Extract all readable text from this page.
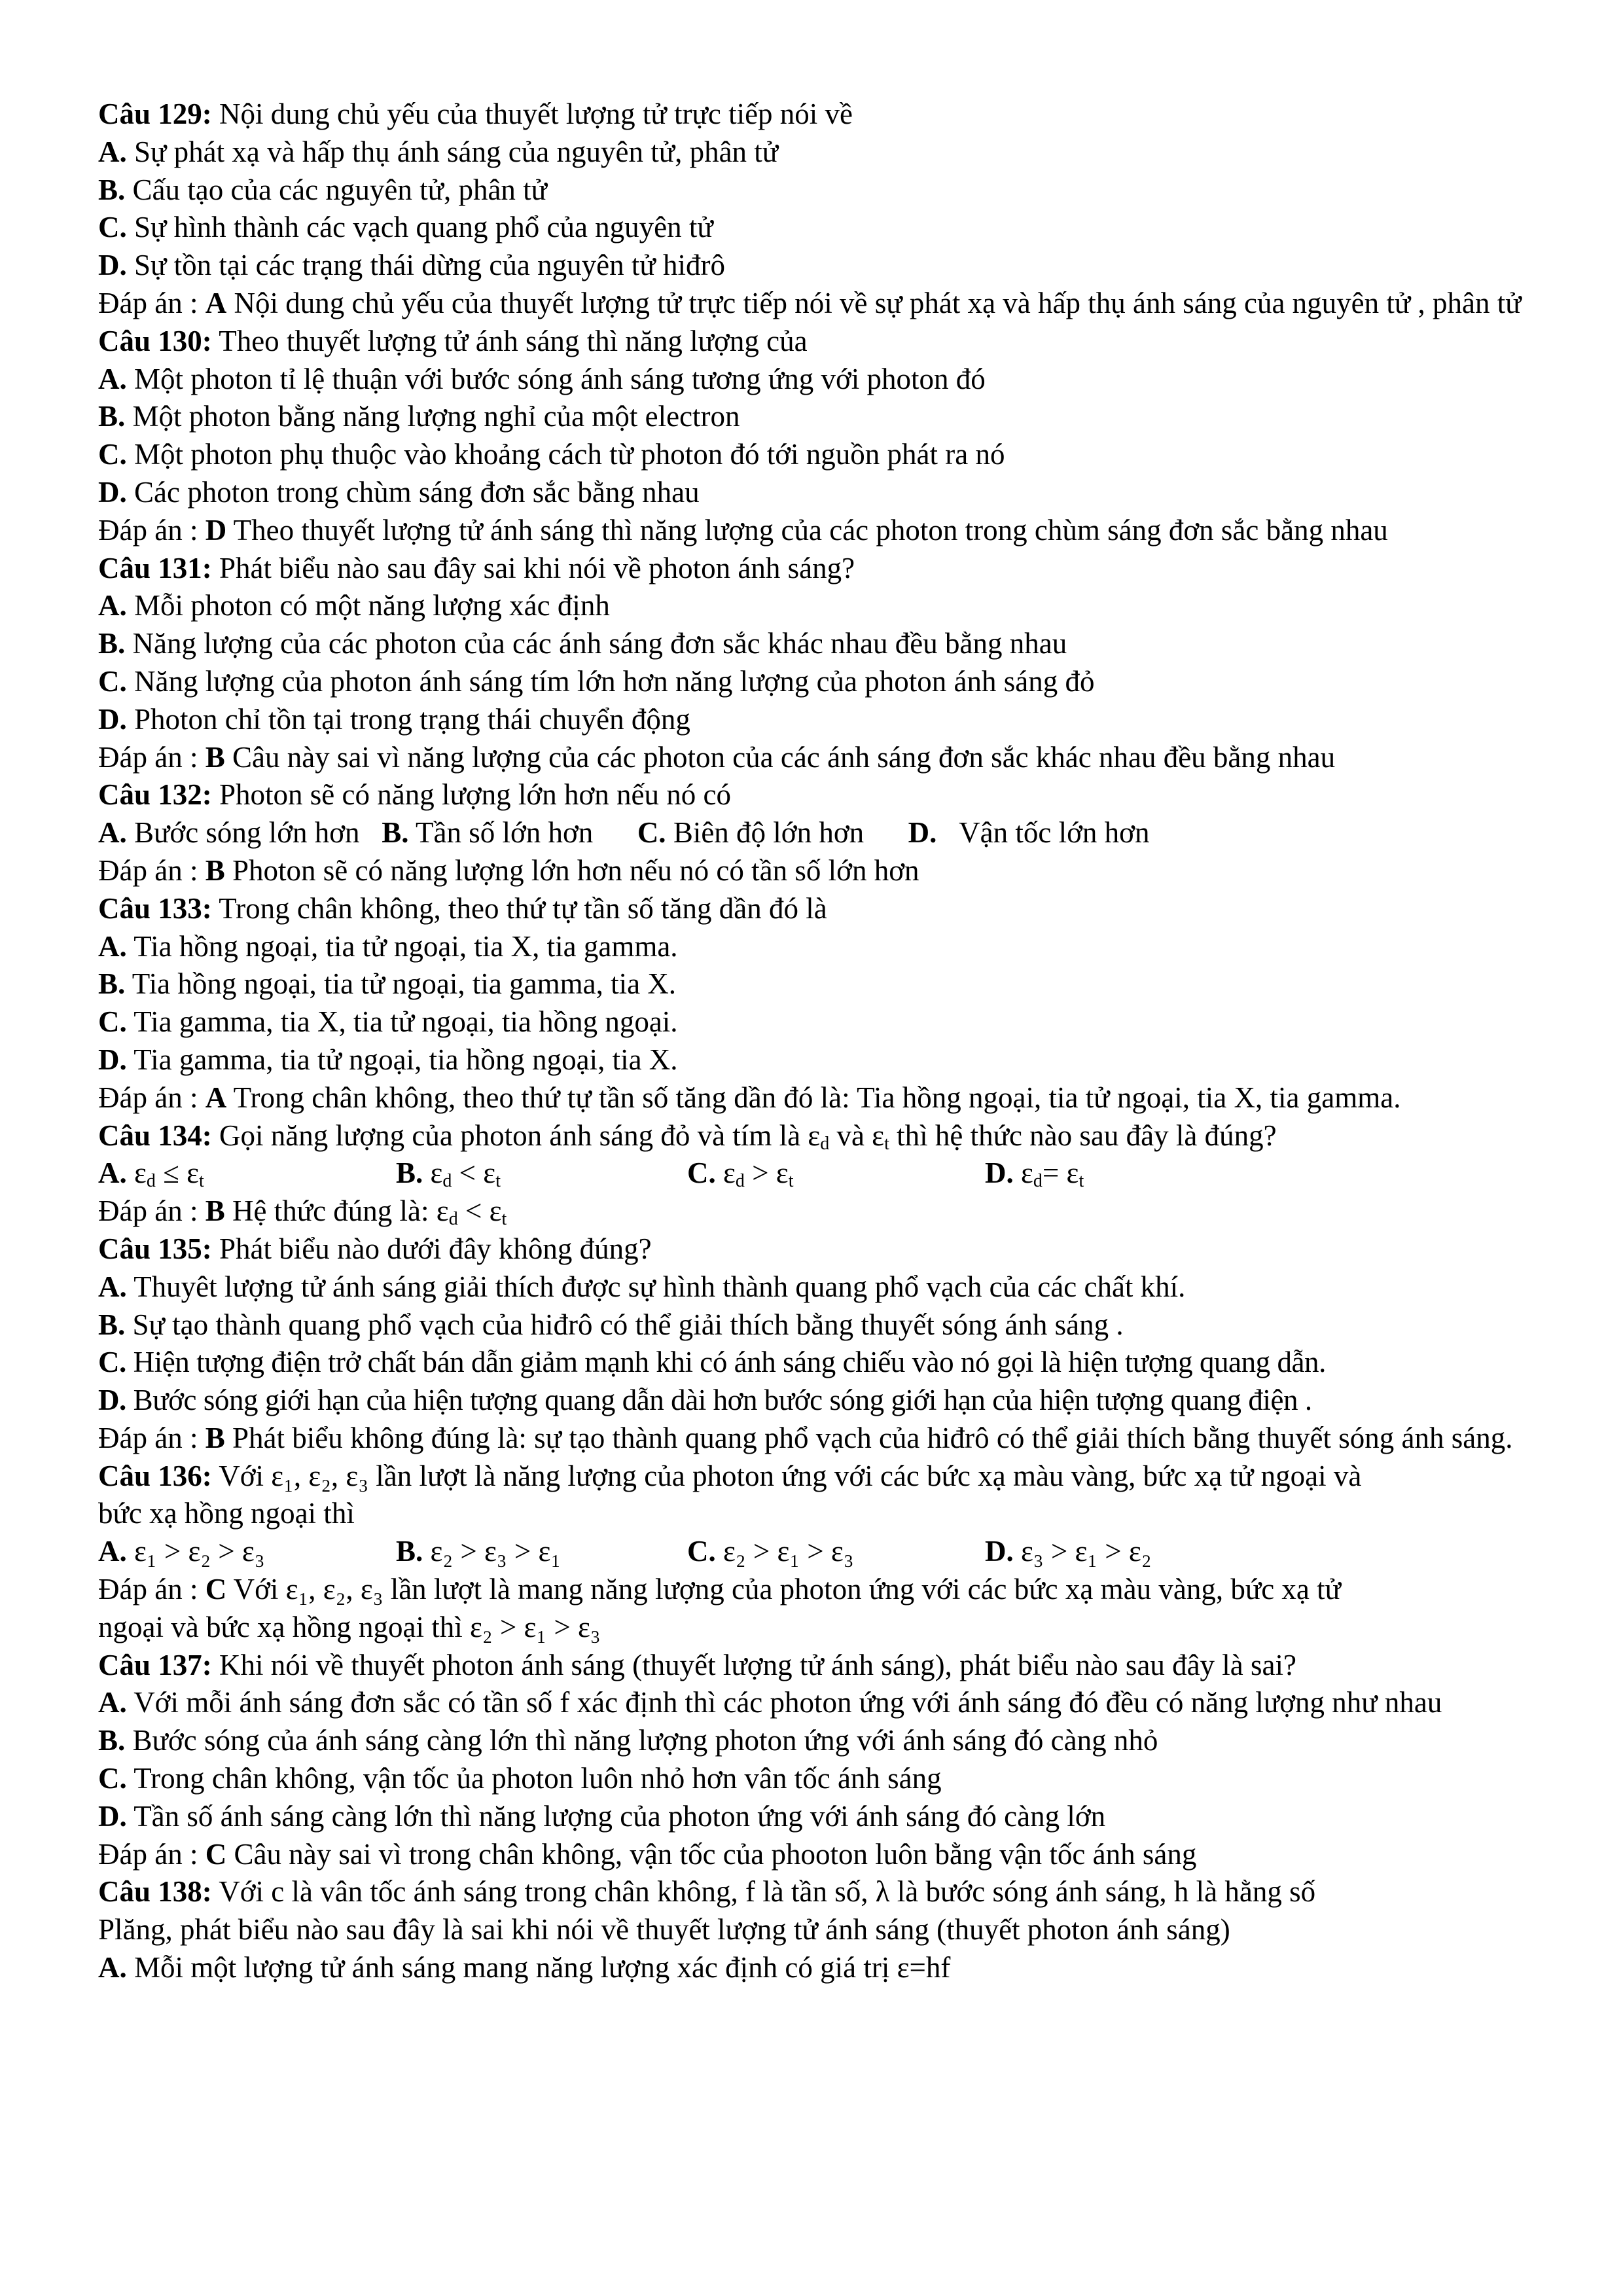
Câu 129: Nội dung chủ yếu của thuyết lượng tử trực tiếp nói về
A. Sự phát xạ và hấp thụ ánh sáng của nguyên tử, phân tử
B. Cấu tạo của các nguyên tử, phân tử
C. Sự hình thành các vạch quang phổ của nguyên tử
D. Sự tồn tại các trạng thái dừng của nguyên tử hiđrô
Đáp án : A Nội dung chủ yếu của thuyết lượng tử trực tiếp nói về sự phát xạ và hấp thụ ánh sáng của nguyên tử , phân tử
Câu 130: Theo thuyết lượng tử ánh sáng thì năng lượng của
A. Một photon tỉ lệ thuận với bước sóng ánh sáng tương ứng với photon đó
B. Một photon bằng năng lượng nghỉ của một electron
C. Một photon phụ thuộc vào khoảng cách từ photon đó tới nguồn phát ra nó
D. Các photon trong chùm sáng đơn sắc bằng nhau
Đáp án : D Theo thuyết lượng tử ánh sáng thì năng lượng của các photon trong chùm sáng đơn sắc bằng nhau
Câu 131: Phát biểu nào sau đây sai khi nói về photon ánh sáng?
A. Mỗi photon có một năng lượng xác định
B. Năng lượng của các photon của các ánh sáng đơn sắc khác nhau đều bằng nhau
C. Năng lượng của photon ánh sáng tím lớn hơn năng lượng của photon ánh sáng đỏ
D. Photon chỉ tồn tại trong trạng thái chuyển động
Đáp án : B Câu này sai vì năng lượng của các photon của các ánh sáng đơn sắc khác nhau đều bằng nhau
Câu 132: Photon sẽ có năng lượng lớn hơn nếu nó có
A. Bước sóng lớn hơn B. Tần số lớn hơn C. Biên độ lớn hơn D. Vận tốc lớn hơn
Đáp án : B Photon sẽ có năng lượng lớn hơn nếu nó có tần số lớn hơn
Câu 133: Trong chân không, theo thứ tự tần số tăng dần đó là
A. Tia hồng ngoại, tia tử ngoại, tia X, tia gamma.
B. Tia hồng ngoại, tia tử ngoại, tia gamma, tia X.
C. Tia gamma, tia X, tia tử ngoại, tia hồng ngoại.
D. Tia gamma, tia tử ngoại, tia hồng ngoại, tia X.
Đáp án : A Trong chân không, theo thứ tự tần số tăng dần đó là: Tia hồng ngoại, tia tử ngoại, tia X, tia gamma.
Câu 134: Gọi năng lượng của photon ánh sáng đỏ và tím là $\varepsilon_d$ và $\varepsilon_t$ thì hệ thức nào sau đây là đúng?
A. $\varepsilon_d \le \varepsilon_t$	B. $\varepsilon_d < \varepsilon_t$	C. $\varepsilon_d > \varepsilon_t$	D. $\varepsilon_d= \varepsilon_t$
Đáp án : B Hệ thức đúng là: $\varepsilon_d < \varepsilon_t$
Câu 135: Phát biểu nào dưới đây không đúng?
A. Thuyêt lượng tử ánh sáng giải thích được sự hình thành quang phổ vạch của các chất khí.
B. Sự tạo thành quang phổ vạch của hiđrô có thể giải thích bằng thuyết sóng ánh sáng .
C. Hiện tượng điện trở chất bán dẫn giảm mạnh khi có ánh sáng chiếu vào nó gọi là hiện tượng quang dẫn.
D. Bước sóng giới hạn của hiện tượng quang dẫn dài hơn bước sóng giới hạn của hiện tượng quang điện .
Đáp án : B Phát biểu không đúng là: sự tạo thành quang phổ vạch của hiđrô có thể giải thích bằng thuyết sóng ánh sáng.
Câu 136: Với ε₁, ε₂, ε₃ lần lượt là năng lượng của photon ứng với các bức xạ màu vàng, bức xạ tử ngoại và
bức xạ hồng ngoại thì
A. ε₁ > ε₂ > ε₃	B. ε₂ > ε₃ > ε₁	C. ε₂ > ε₁ > ε₃	D. ε₃ > ε₁ > ε₂
Đáp án : C Với ε₁, ε₂, ε₃ lần lượt là mang năng lượng của photon ứng với các bức xạ màu vàng, bức xạ tử
ngoại và bức xạ hồng ngoại thì ε₂ > ε₁ > ε₃
Câu 137: Khi nói về thuyết photon ánh sáng (thuyết lượng tử ánh sáng), phát biểu nào sau đây là sai?
A. Với mỗi ánh sáng đơn sắc có tần số f xác định thì các photon ứng với ánh sáng đó đều có năng lượng như nhau
B. Bước sóng của ánh sáng càng lớn thì năng lượng photon ứng với ánh sáng đó càng nhỏ
C. Trong chân không, vận tốc ủa photon luôn nhỏ hơn vân tốc ánh sáng
D. Tần số ánh sáng càng lớn thì năng lượng của photon ứng với ánh sáng đó càng lớn
Đáp án : C Câu này sai vì trong chân không, vận tốc của phooton luôn bằng vận tốc ánh sáng
Câu 138: Với c là vân tốc ánh sáng trong chân không, f là tần số, λ là bước sóng ánh sáng, h là hằng số
Plăng, phát biểu nào sau đây là sai khi nói về thuyết lượng tử ánh sáng (thuyết photon ánh sáng)
A. Mỗi một lượng tử ánh sáng mang năng lượng xác định có giá trị ε=hf
